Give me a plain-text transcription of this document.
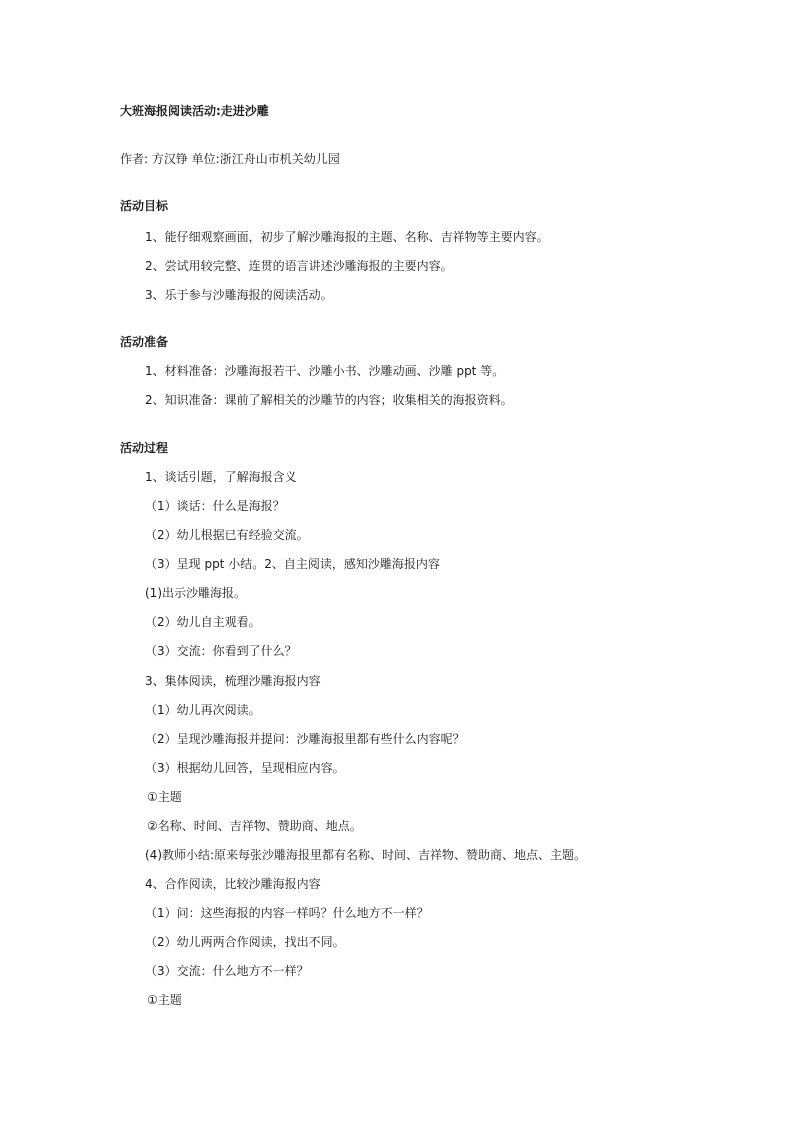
大班海报阅读活动:走进沙雕
作者: 方汉铮 单位:浙江舟山市机关幼儿园
活动目标
1、能仔细观察画面，初步了解沙雕海报的主题、名称、吉祥物等主要内容。
2、尝试用较完整、连贯的语言讲述沙雕海报的主要内容。
3、乐于参与沙雕海报的阅读活动。
活动准备
1、材料准备：沙雕海报若干、沙雕小书、沙雕动画、沙雕 ppt 等。
2、知识准备：课前了解相关的沙雕节的内容；收集相关的海报资料。
活动过程
1、谈话引题，了解海报含义
（1）谈话：什么是海报？
（2）幼儿根据已有经验交流。
（3）呈现 ppt 小结。2、自主阅读，感知沙雕海报内容
(1)出示沙雕海报。
（2）幼儿自主观看。
（3）交流：你看到了什么？
3、集体阅读，梳理沙雕海报内容
（1）幼儿再次阅读。
（2）呈现沙雕海报并提问：沙雕海报里都有些什么内容呢？
（3）根据幼儿回答，呈现相应内容。
①主题
②名称、时间、吉祥物、赞助商、地点。
(4)教师小结:原来每张沙雕海报里都有名称、时间、吉祥物、赞助商、地点、主题。
4、合作阅读，比较沙雕海报内容
（1）问：这些海报的内容一样吗？什么地方不一样？
（2）幼儿两两合作阅读，找出不同。
（3）交流：什么地方不一样？
①主题
